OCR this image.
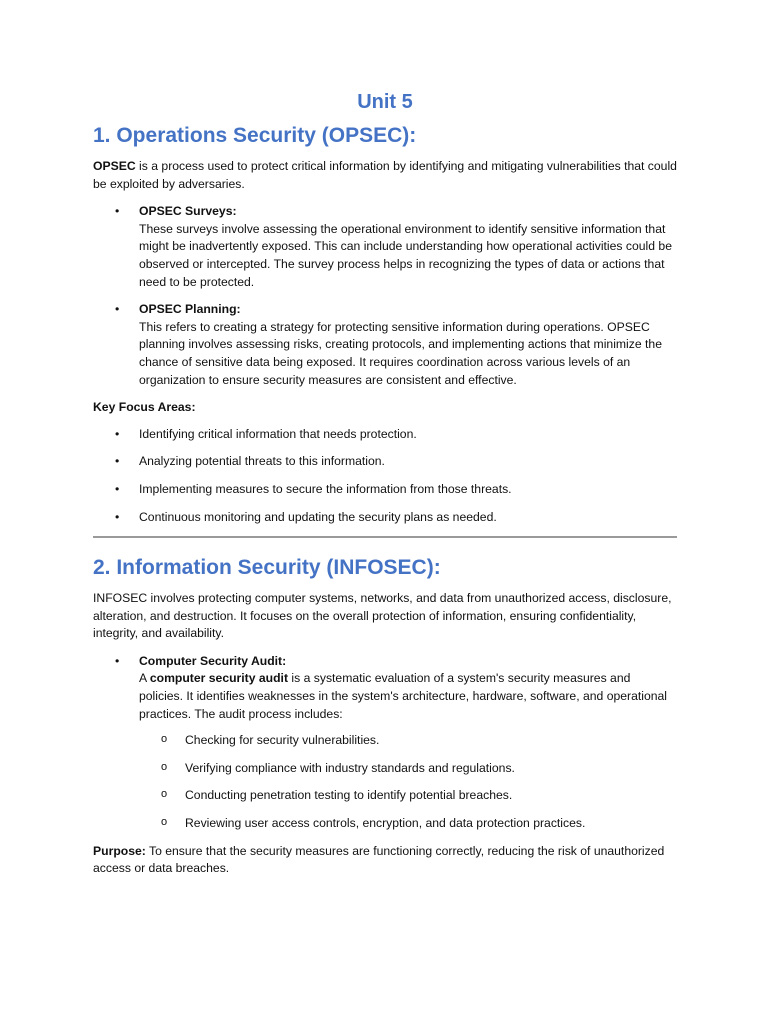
Unit 5
1. Operations Security (OPSEC):

OPSEC is a process used to protect critical information by identifying and mitigating vulnerabilities that could be exploited by adversaries.

• OPSEC Surveys:
These surveys involve assessing the operational environment to identify sensitive information that might be inadvertently exposed. This can include understanding how operational activities could be observed or intercepted. The survey process helps in recognizing the types of data or actions that need to be protected.
• OPSEC Planning:
This refers to creating a strategy for protecting sensitive information during operations. OPSEC planning involves assessing risks, creating protocols, and implementing actions that minimize the chance of sensitive data being exposed. It requires coordination across various levels of an organization to ensure security measures are consistent and effective.

Key Focus Areas:

• Identifying critical information that needs protection.
• Analyzing potential threats to this information.
• Implementing measures to secure the information from those threats.
• Continuous monitoring and updating the security plans as needed.
2. Information Security (INFOSEC):

INFOSEC involves protecting computer systems, networks, and data from unauthorized access, disclosure, alteration, and destruction. It focuses on the overall protection of information, ensuring confidentiality, integrity, and availability.

• Computer Security Audit:
A computer security audit is a systematic evaluation of a system's security measures and policies. It identifies weaknesses in the system's architecture, hardware, software, and operational practices. The audit process includes:
o Checking for security vulnerabilities.
o Verifying compliance with industry standards and regulations.
o Conducting penetration testing to identify potential breaches.
o Reviewing user access controls, encryption, and data protection practices.

Purpose: To ensure that the security measures are functioning correctly, reducing the risk of unauthorized access or data breaches.
